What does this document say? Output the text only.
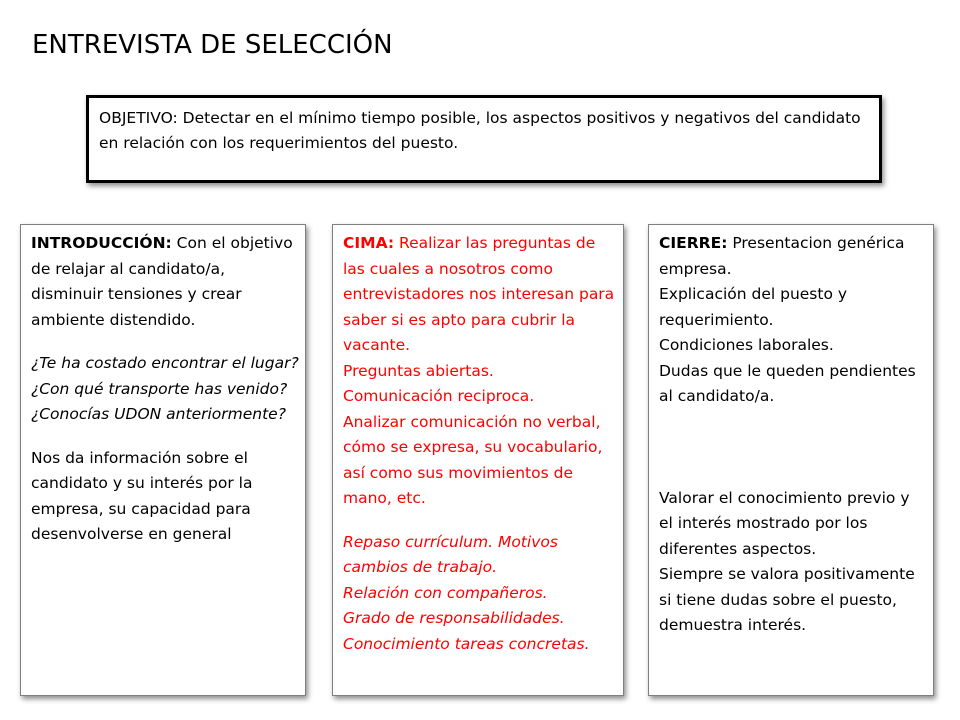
ENTREVISTA DE SELECCIÓN
OBJETIVO: Detectar en el mínimo tiempo posible, los aspectos positivos y negativos del candidato en relación con los requerimientos del puesto.

INTRODUCCIÓN: Con el objetivo de relajar al candidato/a, disminuir tensiones y crear ambiente distendido.

¿Te ha costado encontrar el lugar?

¿Con qué transporte has venido?

¿Conocías UDON anteriormente?

Nos da información sobre el candidato y su interés por la empresa, su capacidad para desenvolverse en general

CIMA: Realizar las preguntas de las cuales a nosotros como entrevistadores nos interesan para saber si es apto para cubrir la vacante.

Preguntas abiertas.

Comunicación reciproca.

Analizar comunicación no verbal, cómo se expresa, su vocabulario, así como sus movimientos de mano, etc.

Repaso currículum. Motivos cambios de trabajo.

Relación con compañeros.

Grado de responsabilidades.

Conocimiento tareas concretas.

CIERRE: Presentacion genérica empresa.

Explicación del puesto y requerimiento.

Condiciones laborales.

Dudas que le queden pendientes al candidato/a.

Valorar el conocimiento previo y el interés mostrado por los diferentes aspectos.

Siempre se valora positivamente si tiene dudas sobre el puesto, demuestra interés.
